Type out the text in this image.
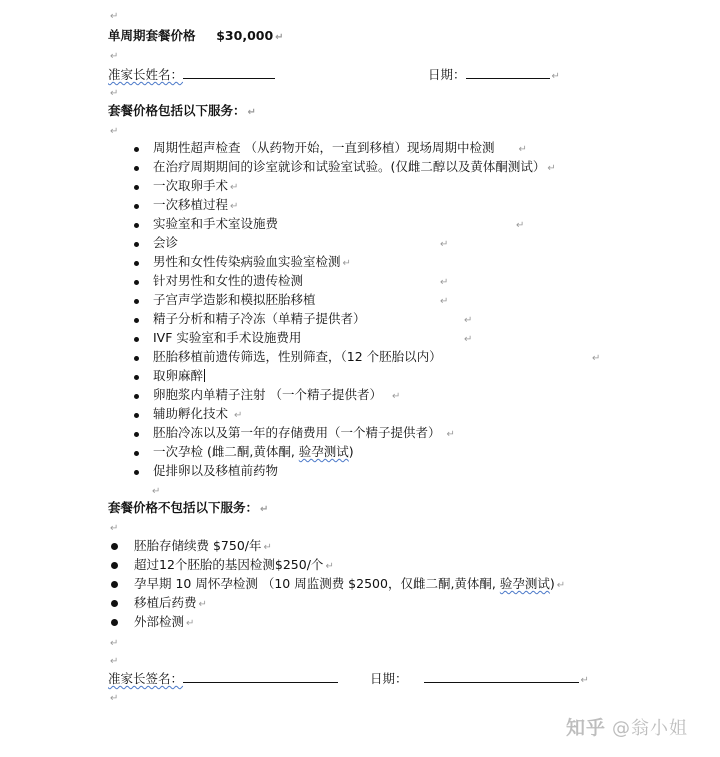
↵
单周期套餐价格 $30,000 ↵
↵
准家长姓名：	日期：	↵
↵
套餐价格包括以下服务： ↵
↵
周期性超声检查 （从药物开始，一直到移植）现场周期中检测 ↵
在治疗周期期间的诊室就诊和试验室试验。(仅雌二醇以及黄体酮测试） ↵
一次取卵手术 ↵
一次移植过程 ↵
实验室和手术室设施费	↵
会诊	↵
男性和女性传染病验血实验室检测 ↵
针对男性和女性的遗传检测	↵
子宫声学造影和模拟胚胎移植	↵
精子分析和精子冷冻（单精子提供者）	↵
IVF 实验室和手术设施费用	↵
胚胎移植前遗传筛选，性别筛查，（12 个胚胎以内）	↵
取卵麻醉
卵胞浆内单精子注射 （一个精子提供者） ↵
辅助孵化技术 ↵
胚胎冷冻以及第一年的存储费用（一个精子提供者） ↵
一次孕检 (雌二酮,黄体酮, 验孕测试)
促排卵以及移植前药物
↵
套餐价格不包括以下服务： ↵
↵
胚胎存储续费 $750/年 ↵
超过12个胚胎的基因检测$250/个 ↵
孕早期 10 周怀孕检测 （10 周监测费 $2500，仅雌二酮,黄体酮, 验孕测试) ↵
移植后药费 ↵
外部检测 ↵
↵
↵
准家长签名：	日期：	↵
↵
知乎 @翁小姐
